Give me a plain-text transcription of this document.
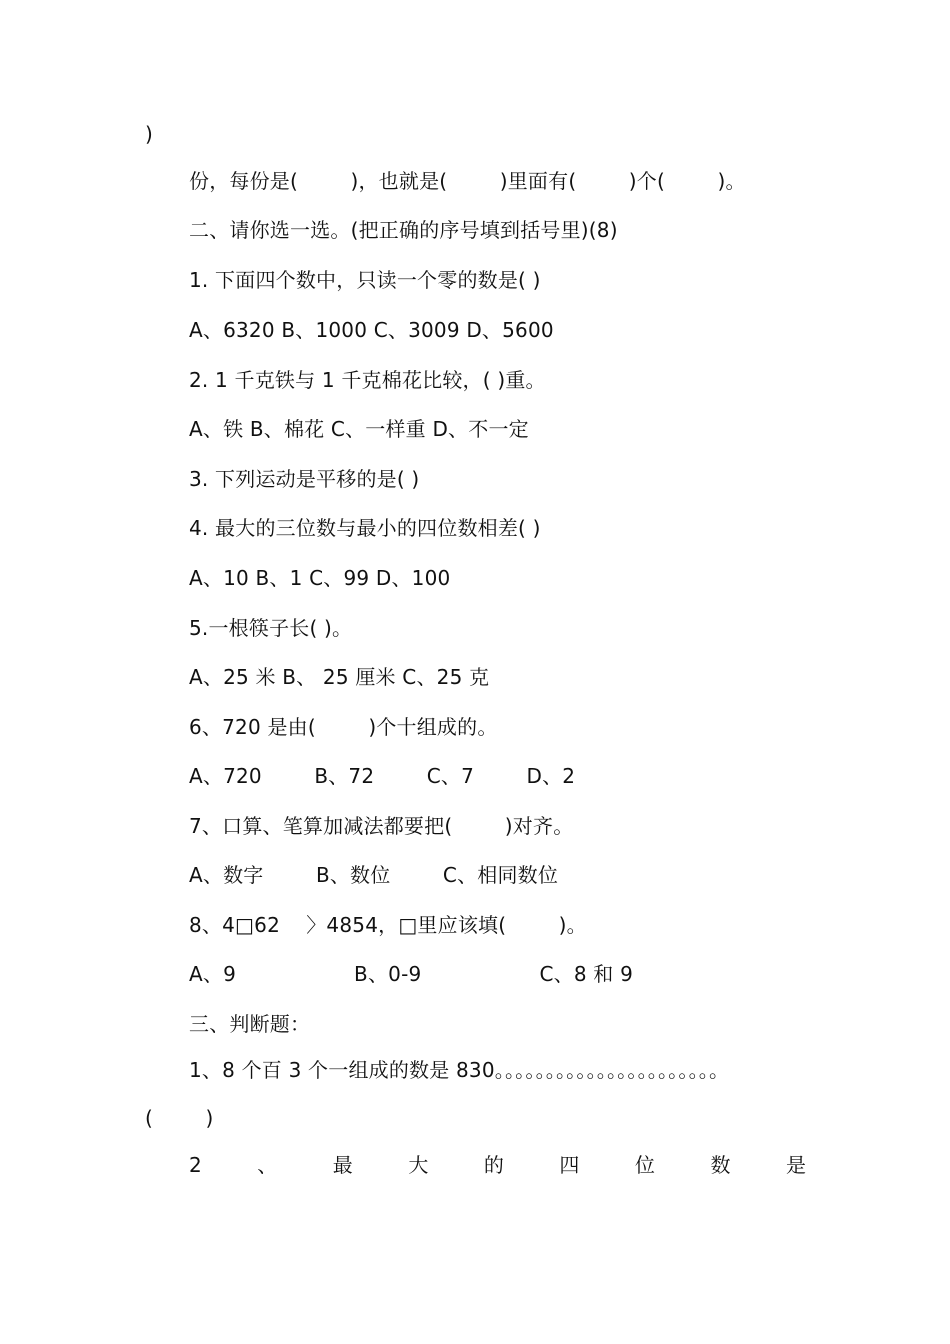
)
份，每份是(        )，也就是(        )里面有(        )个(        )。
二、请你选一选。(把正确的序号填到括号里)(8)
1. 下面四个数中，只读一个零的数是( )
A、6320 B、1000 C、3009 D、5600
2. 1 千克铁与 1 千克棉花比较，( )重。
A、铁 B、棉花 C、一样重 D、不一定
3. 下列运动是平移的是( )
4. 最大的三位数与最小的四位数相差( )
A、10 B、1 C、99 D、100
5.一根筷子长( )。
A、25 米 B、 25 厘米 C、25 克
6、720 是由(        )个十组成的。
A、720        B、72        C、7        D、2
7、口算、笔算加减法都要把(        )对齐。
A、数字        B、数位        C、相同数位
8、4□62    〉4854，□里应该填(        )。
A、9                  B、0-9                  C、8 和 9
三、判断题：
1、8 个百 3 个一组成的数是 830。。。。。。。。。。。。。。。。。。。。。。
(        )
2	、	最	大	的	四	位	数	是
